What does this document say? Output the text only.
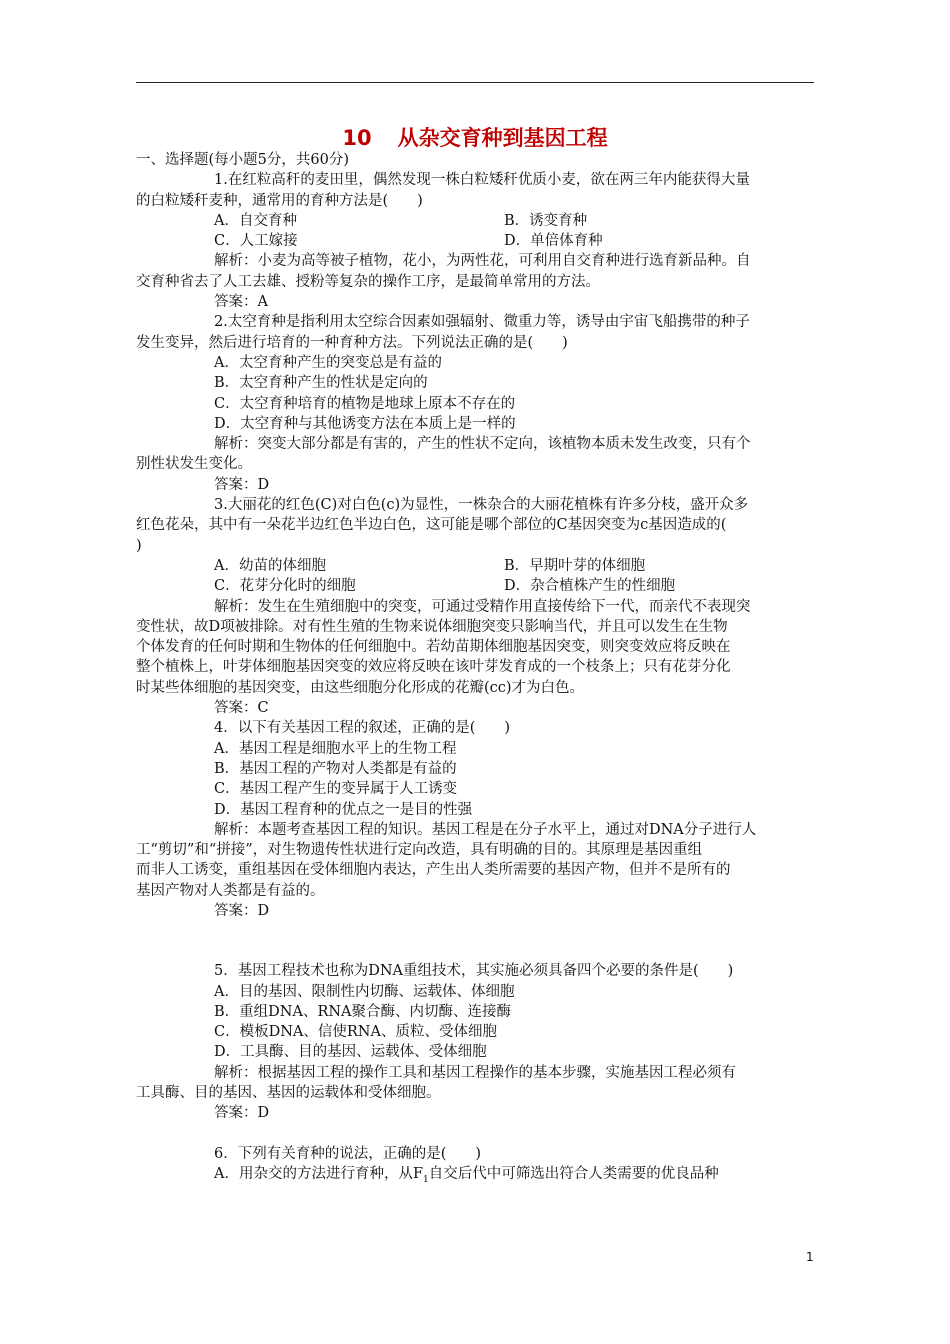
10 从杂交育种到基因工程

一、选择题(每小题5分，共60分)

1.在红粒高秆的麦田里，偶然发现一株白粒矮秆优质小麦，欲在两三年内能获得大量

的白粒矮秆麦种，通常用的育种方法是(　　)

A．自交育种	B．诱变育种
C．人工嫁接	D．单倍体育种

解析：小麦为高等被子植物，花小，为两性花，可利用自交育种进行选育新品种。自

交育种省去了人工去雄、授粉等复杂的操作工序，是最简单常用的方法。

答案：A

2.太空育种是指利用太空综合因素如强辐射、微重力等，诱导由宇宙飞船携带的种子

发生变异，然后进行培育的一种育种方法。下列说法正确的是(　　)

A．太空育种产生的突变总是有益的

B．太空育种产生的性状是定向的

C．太空育种培育的植物是地球上原本不存在的

D．太空育种与其他诱变方法在本质上是一样的

解析：突变大部分都是有害的，产生的性状不定向，该植物本质未发生改变，只有个

别性状发生变化。

答案：D

3.大丽花的红色(C)对白色(c)为显性，一株杂合的大丽花植株有许多分枝，盛开众多

红色花朵，其中有一朵花半边红色半边白色，这可能是哪个部位的C基因突变为c基因造成的(

)

A．幼苗的体细胞	B．早期叶芽的体细胞
C．花芽分化时的细胞	D．杂合植株产生的性细胞

解析：发生在生殖细胞中的突变，可通过受精作用直接传给下一代，而亲代不表现突

变性状，故D项被排除。对有性生殖的生物来说体细胞突变只影响当代，并且可以发生在生物

个体发育的任何时期和生物体的任何细胞中。若幼苗期体细胞基因突变，则突变效应将反映在

整个植株上，叶芽体细胞基因突变的效应将反映在该叶芽发育成的一个枝条上；只有花芽分化

时某些体细胞的基因突变，由这些细胞分化形成的花瓣(cc)才为白色。

答案：C

4．以下有关基因工程的叙述，正确的是(　　)

A．基因工程是细胞水平上的生物工程

B．基因工程的产物对人类都是有益的

C．基因工程产生的变异属于人工诱变

D．基因工程育种的优点之一是目的性强

解析：本题考查基因工程的知识。基因工程是在分子水平上，通过对DNA分子进行人

工“剪切”和“拼接”，对生物遗传性状进行定向改造，具有明确的目的。其原理是基因重组

而非人工诱变，重组基因在受体细胞内表达，产生出人类所需要的基因产物，但并不是所有的

基因产物对人类都是有益的。

答案：D

5．基因工程技术也称为DNA重组技术，其实施必须具备四个必要的条件是(　　)

A．目的基因、限制性内切酶、运载体、体细胞

B．重组DNA、RNA聚合酶、内切酶、连接酶

C．模板DNA、信使RNA、质粒、受体细胞

D．工具酶、目的基因、运载体、受体细胞

解析：根据基因工程的操作工具和基因工程操作的基本步骤，实施基因工程必须有

工具酶、目的基因、基因的运载体和受体细胞。

答案：D

6．下列有关育种的说法，正确的是(　　)

A．用杂交的方法进行育种，从$F_1$自交后代中可筛选出符合人类需要的优良品种

1
